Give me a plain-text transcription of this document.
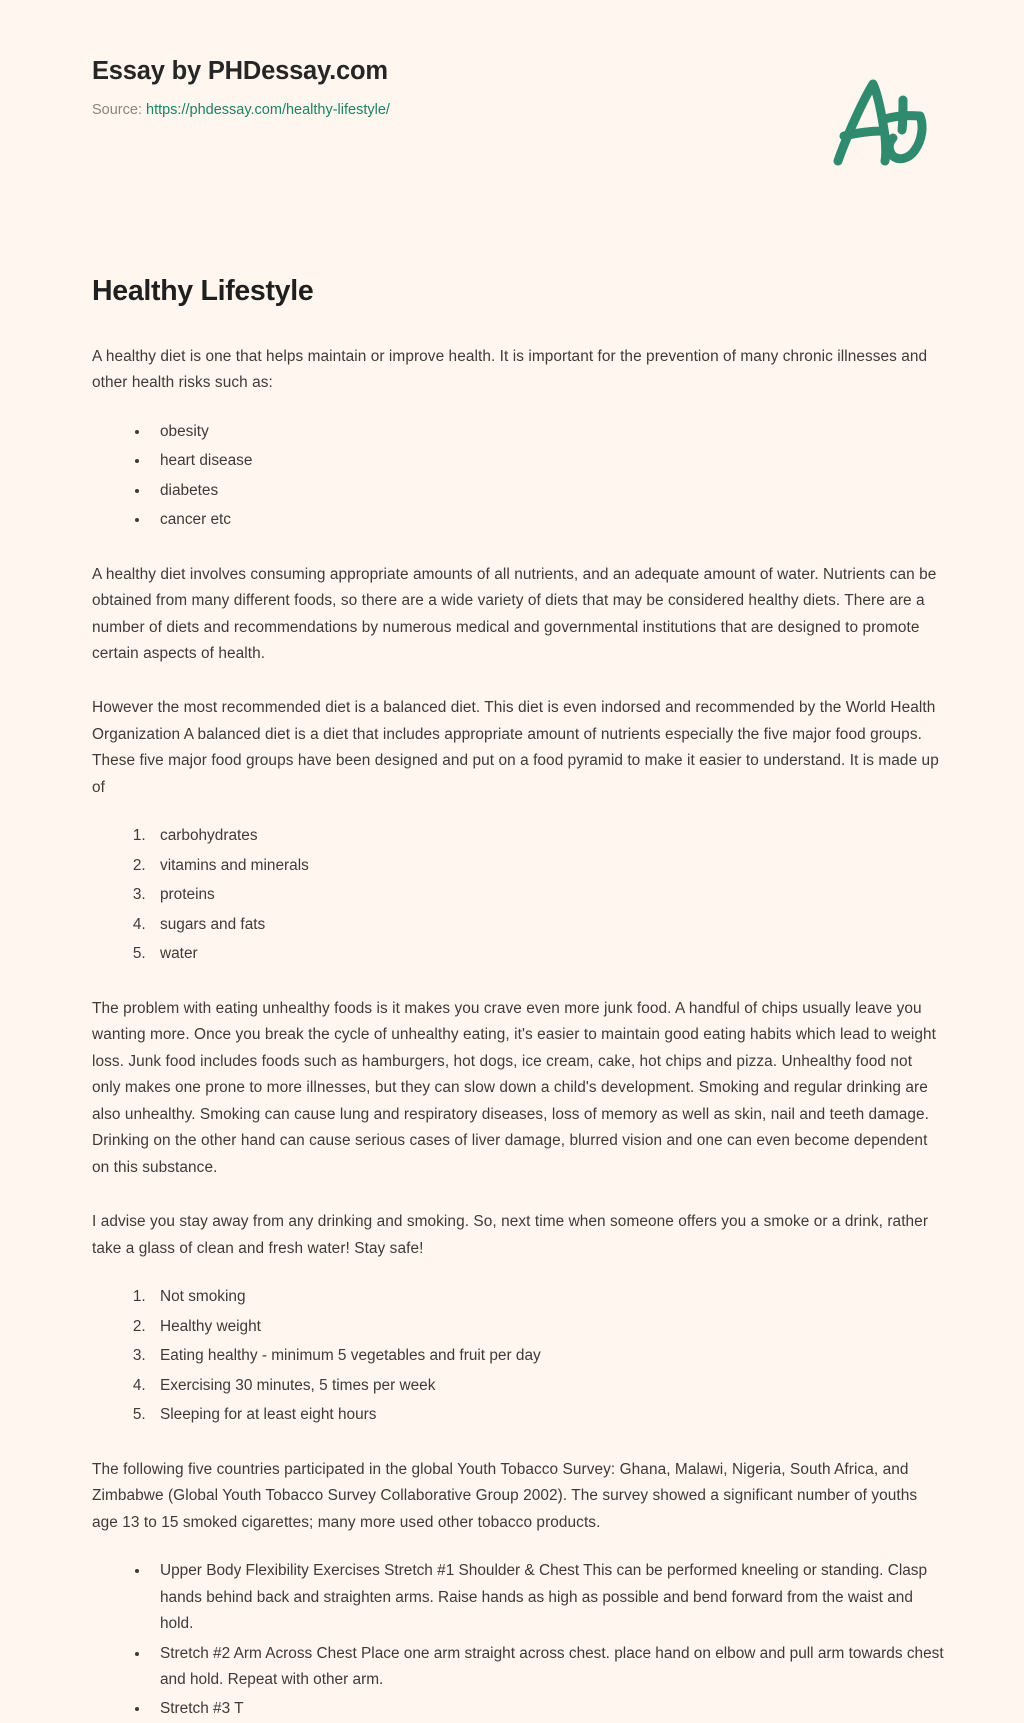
Essay by PHDessay.com
Source: https://phdessay.com/healthy-lifestyle/
Healthy Lifestyle

A healthy diet is one that helps maintain or improve health. It is important for the prevention of many chronic illnesses and other health risks such as:

• obesity
• heart disease
• diabetes
• cancer etc

A healthy diet involves consuming appropriate amounts of all nutrients, and an adequate amount of water. Nutrients can be obtained from many different foods, so there are a wide variety of diets that may be considered healthy diets. There are a number of diets and recommendations by numerous medical and governmental institutions that are designed to promote certain aspects of health.

However the most recommended diet is a balanced diet. This diet is even indorsed and recommended by the World Health Organization A balanced diet is a diet that includes appropriate amount of nutrients especially the five major food groups. These five major food groups have been designed and put on a food pyramid to make it easier to understand. It is made up of

1. carbohydrates
2. vitamins and minerals
3. proteins
4. sugars and fats
5. water

The problem with eating unhealthy foods is it makes you crave even more junk food. A handful of chips usually leave you wanting more. Once you break the cycle of unhealthy eating, it's easier to maintain good eating habits which lead to weight loss. Junk food includes foods such as hamburgers, hot dogs, ice cream, cake, hot chips and pizza. Unhealthy food not only makes one prone to more illnesses, but they can slow down a child's development. Smoking and regular drinking are also unhealthy. Smoking can cause lung and respiratory diseases, loss of memory as well as skin, nail and teeth damage. Drinking on the other hand can cause serious cases of liver damage, blurred vision and one can even become dependent on this substance.

I advise you stay away from any drinking and smoking. So, next time when someone offers you a smoke or a drink, rather take a glass of clean and fresh water! Stay safe!

1. Not smoking
2. Healthy weight
3. Eating healthy - minimum 5 vegetables and fruit per day
4. Exercising 30 minutes, 5 times per week
5. Sleeping for at least eight hours

The following five countries participated in the global Youth Tobacco Survey: Ghana, Malawi, Nigeria, South Africa, and Zimbabwe (Global Youth Tobacco Survey Collaborative Group 2002). The survey showed a significant number of youths age 13 to 15 smoked cigarettes; many more used other tobacco products.

• Upper Body Flexibility Exercises Stretch #1 Shoulder & Chest This can be performed kneeling or standing. Clasp hands behind back and straighten arms. Raise hands as high as possible and bend forward from the waist and hold.
• Stretch #2 Arm Across Chest Place one arm straight across chest. place hand on elbow and pull arm towards chest and hold. Repeat with other arm.
• Stretch #3 T
